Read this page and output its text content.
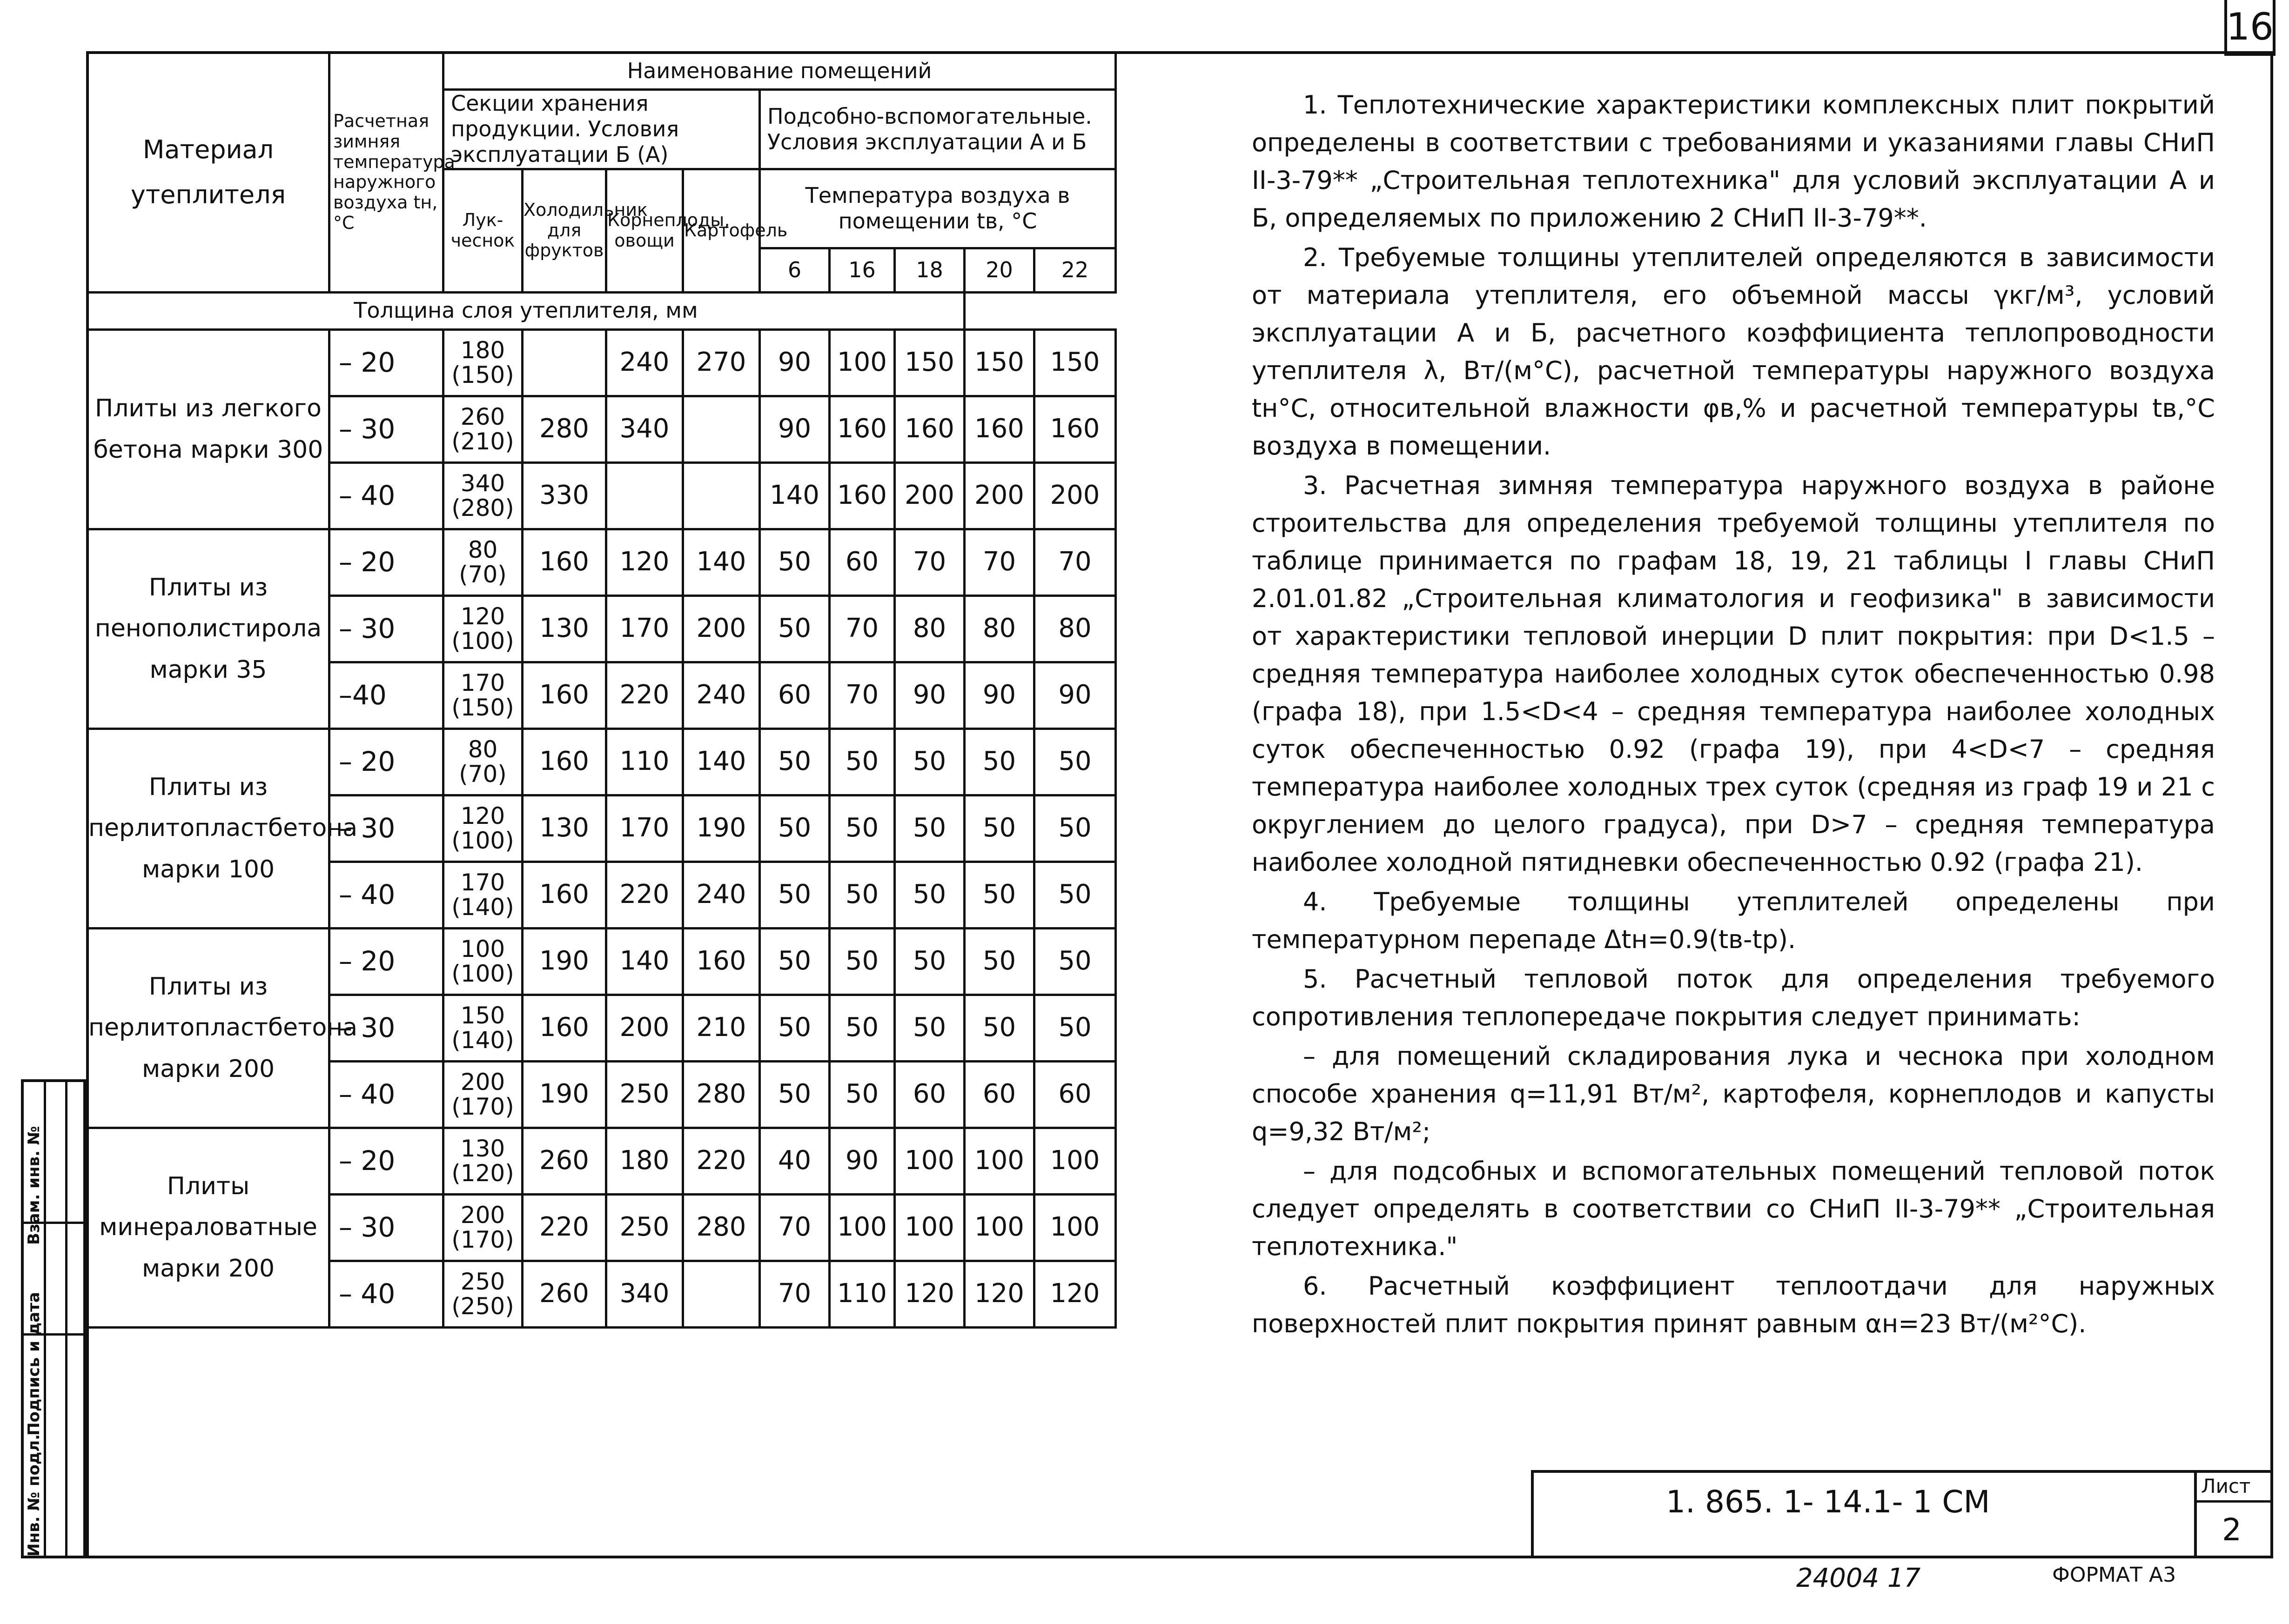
16
Инв. № подл.
Подпись и дата
Взам. инв. №
Материал утеплителя	Расчетная зимняя температура наружного воздуха tн, °С	Наименование помещений								
		Секции хранения продукции. Условия эксплуатации Б (А)				Подсобно-вспомогательные. Условия эксплуатации А и Б				
		Лук-чеснок	Холодильник для фруктов	Корнеплоды, овощи	Картофель	Температура воздуха в помещении tв, °С				
						6	16	18	20	22
Толщина слоя утеплителя, мм										
Плиты из легкого бетона марки 300	– 20	180 (150)		240	270	90	100	150	150	150
	– 30	260 (210)	280	340		90	160	160	160	160
	– 40	340 (280)	330			140	160	200	200	200
Плиты из пенополистирола марки 35	– 20	80 (70)	160	120	140	50	60	70	70	70
	– 30	120 (100)	130	170	200	50	70	80	80	80
	–40	170 (150)	160	220	240	60	70	90	90	90
Плиты из перлитопластбетона марки 100	– 20	80 (70)	160	110	140	50	50	50	50	50
	– 30	120 (100)	130	170	190	50	50	50	50	50
	– 40	170 (140)	160	220	240	50	50	50	50	50
Плиты из перлитопластбетона марки 200	– 20	100 (100)	190	140	160	50	50	50	50	50
	– 30	150 (140)	160	200	210	50	50	50	50	50
	– 40	200 (170)	190	250	280	50	50	60	60	60
Плиты минераловатные марки 200	– 20	130 (120)	260	180	220	40	90	100	100	100
	– 30	200 (170)	220	250	280	70	100	100	100	100
	– 40	250 (250)	260	340		70	110	120	120	120

1. Теплотехнические характеристики комплексных плит покрытий определены в соответствии с требованиями и указаниями главы СНиП II-3-79** „Строительная теплотехника" для условий эксплуатации А и Б, определяемых по приложению 2 СНиП II-3-79**.

2. Требуемые толщины утеплителей определяются в зависимости от материала утеплителя, его объемной массы γкг/м³, условий эксплуатации А и Б, расчетного коэффициента теплопроводности утеплителя λ, Вт/(м°С), расчетной температуры наружного воздуха tн°С, относительной влажности φв,% и расчетной температуры tв,°С воздуха в помещении.

3. Расчетная зимняя температура наружного воздуха в районе строительства для определения требуемой толщины утеплителя по таблице принимается по графам 18, 19, 21 таблицы I главы СНиП 2.01.01.82 „Строительная климатология и геофизика" в зависимости от характеристики тепловой инерции D плит покрытия: при D<1.5 – средняя температура наиболее холодных суток обеспеченностью 0.98 (графа 18), при 1.5<D<4 – средняя температура наиболее холодных суток обеспеченностью 0.92 (графа 19), при 4<D<7 – средняя температура наиболее холодных трех суток (средняя из граф 19 и 21 с округлением до целого градуса), при D>7 – средняя температура наиболее холодной пятидневки обеспеченностью 0.92 (графа 21).

4. Требуемые толщины утеплителей определены при температурном перепаде Δtн=0.9(tв-tр).

5. Расчетный тепловой поток для определения требуемого сопротивления теплопередаче покрытия следует принимать:

– для помещений складирования лука и чеснока при холодном способе хранения q=11,91 Вт/м², картофеля, корнеплодов и капусты q=9,32 Вт/м²;

– для подсобных и вспомогательных помещений тепловой поток следует определять в соответствии со СНиП II-3-79** „Строительная теплотехника."

6. Расчетный коэффициент теплоотдачи для наружных поверхностей плит покрытия принят равным αн=23 Вт/(м²°С).

1. 865. 1- 14.1- 1 СМ	Лист
2
24004 17	ФОРМАТ А3
